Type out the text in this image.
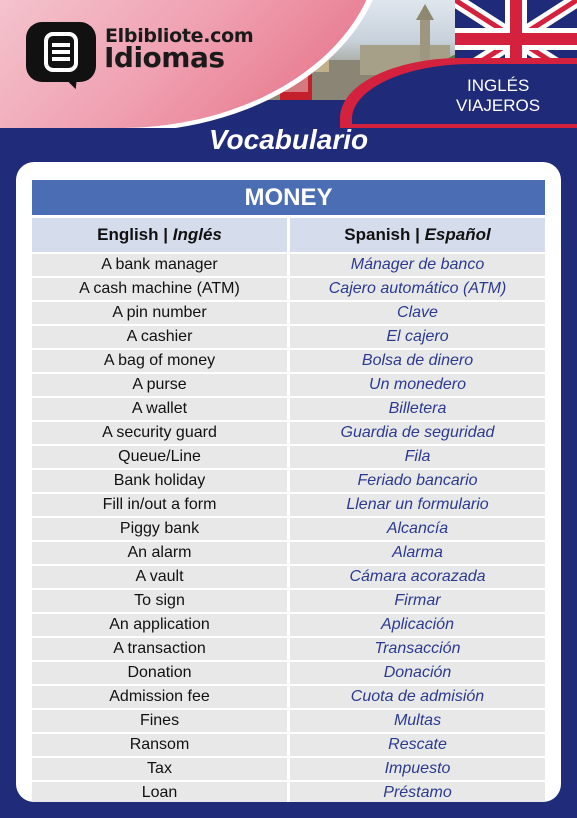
Elbibliote.com
Idiomas
INGLÉS
VIAJEROS
Vocabulario
MONEY
English | Inglés	Spanish | Español
A bank manager	Mánager de banco
A cash machine (ATM)	Cajero automático (ATM)
A pin number	Clave
A cashier	El cajero
A bag of money	Bolsa de dinero
A purse	Un monedero
A wallet	Billetera
A security guard	Guardia de seguridad
Queue/Line	Fila
Bank holiday	Feriado bancario
Fill in/out a form	Llenar un formulario
Piggy bank	Alcancía
An alarm	Alarma
A vault	Cámara acorazada
To sign	Firmar
An application	Aplicación
A transaction	Transacción
Donation	Donación
Admission fee	Cuota de admisión
Fines	Multas
Ransom	Rescate
Tax	Impuesto
Loan	Préstamo
